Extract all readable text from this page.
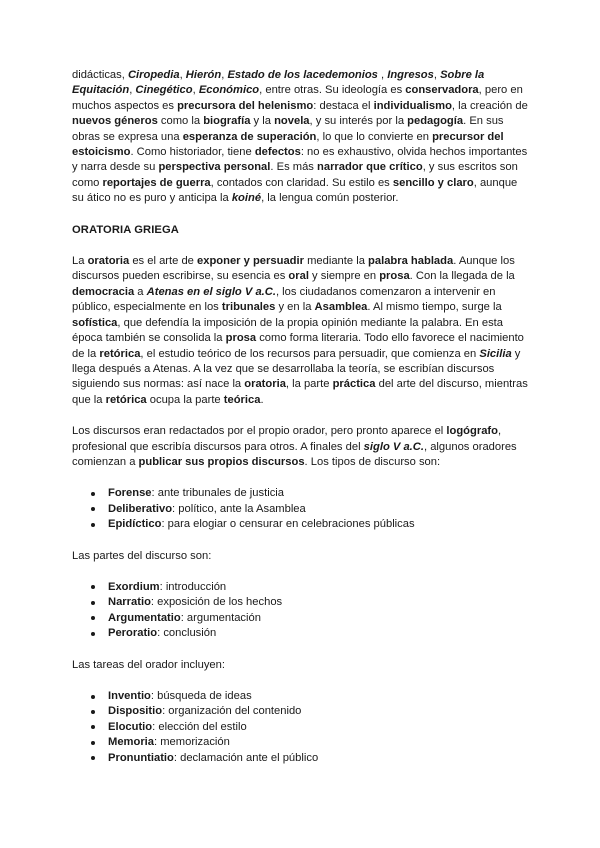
didácticas, Ciropedia, Hierón, Estado de los lacedemonios , Ingresos, Sobre la Equitación, Cinegético, Económico, entre otras. Su ideología es conservadora, pero en muchos aspectos es precursora del helenismo: destaca el individualismo, la creación de nuevos géneros como la biografía y la novela, y su interés por la pedagogía. En sus obras se expresa una esperanza de superación, lo que lo convierte en precursor del estoicismo. Como historiador, tiene defectos: no es exhaustivo, olvida hechos importantes y narra desde su perspectiva personal. Es más narrador que crítico, y sus escritos son como reportajes de guerra, contados con claridad. Su estilo es sencillo y claro, aunque su ático no es puro y anticipa la koiné, la lengua común posterior.

ORATORIA GRIEGA

La oratoria es el arte de exponer y persuadir mediante la palabra hablada. Aunque los discursos pueden escribirse, su esencia es oral y siempre en prosa. Con la llegada de la democracia a Atenas en el siglo V a.C., los ciudadanos comenzaron a intervenir en público, especialmente en los tribunales y en la Asamblea. Al mismo tiempo, surge la sofística, que defendía la imposición de la propia opinión mediante la palabra. En esta época también se consolida la prosa como forma literaria. Todo ello favorece el nacimiento de la retórica, el estudio teórico de los recursos para persuadir, que comienza en Sicilia y llega después a Atenas. A la vez que se desarrollaba la teoría, se escribían discursos siguiendo sus normas: así nace la oratoria, la parte práctica del arte del discurso, mientras que la retórica ocupa la parte teórica.

Los discursos eran redactados por el propio orador, pero pronto aparece el logógrafo, profesional que escribía discursos para otros. A finales del siglo V a.C., algunos oradores comienzan a publicar sus propios discursos. Los tipos de discurso son:

Forense: ante tribunales de justicia
Deliberativo: político, ante la Asamblea
Epidíctico: para elogiar o censurar en celebraciones públicas

Las partes del discurso son:

Exordium: introducción
Narratio: exposición de los hechos
Argumentatio: argumentación
Peroratio: conclusión

Las tareas del orador incluyen:

Inventio: búsqueda de ideas
Dispositio: organización del contenido
Elocutio: elección del estilo
Memoria: memorización
Pronuntiatio: declamación ante el público
